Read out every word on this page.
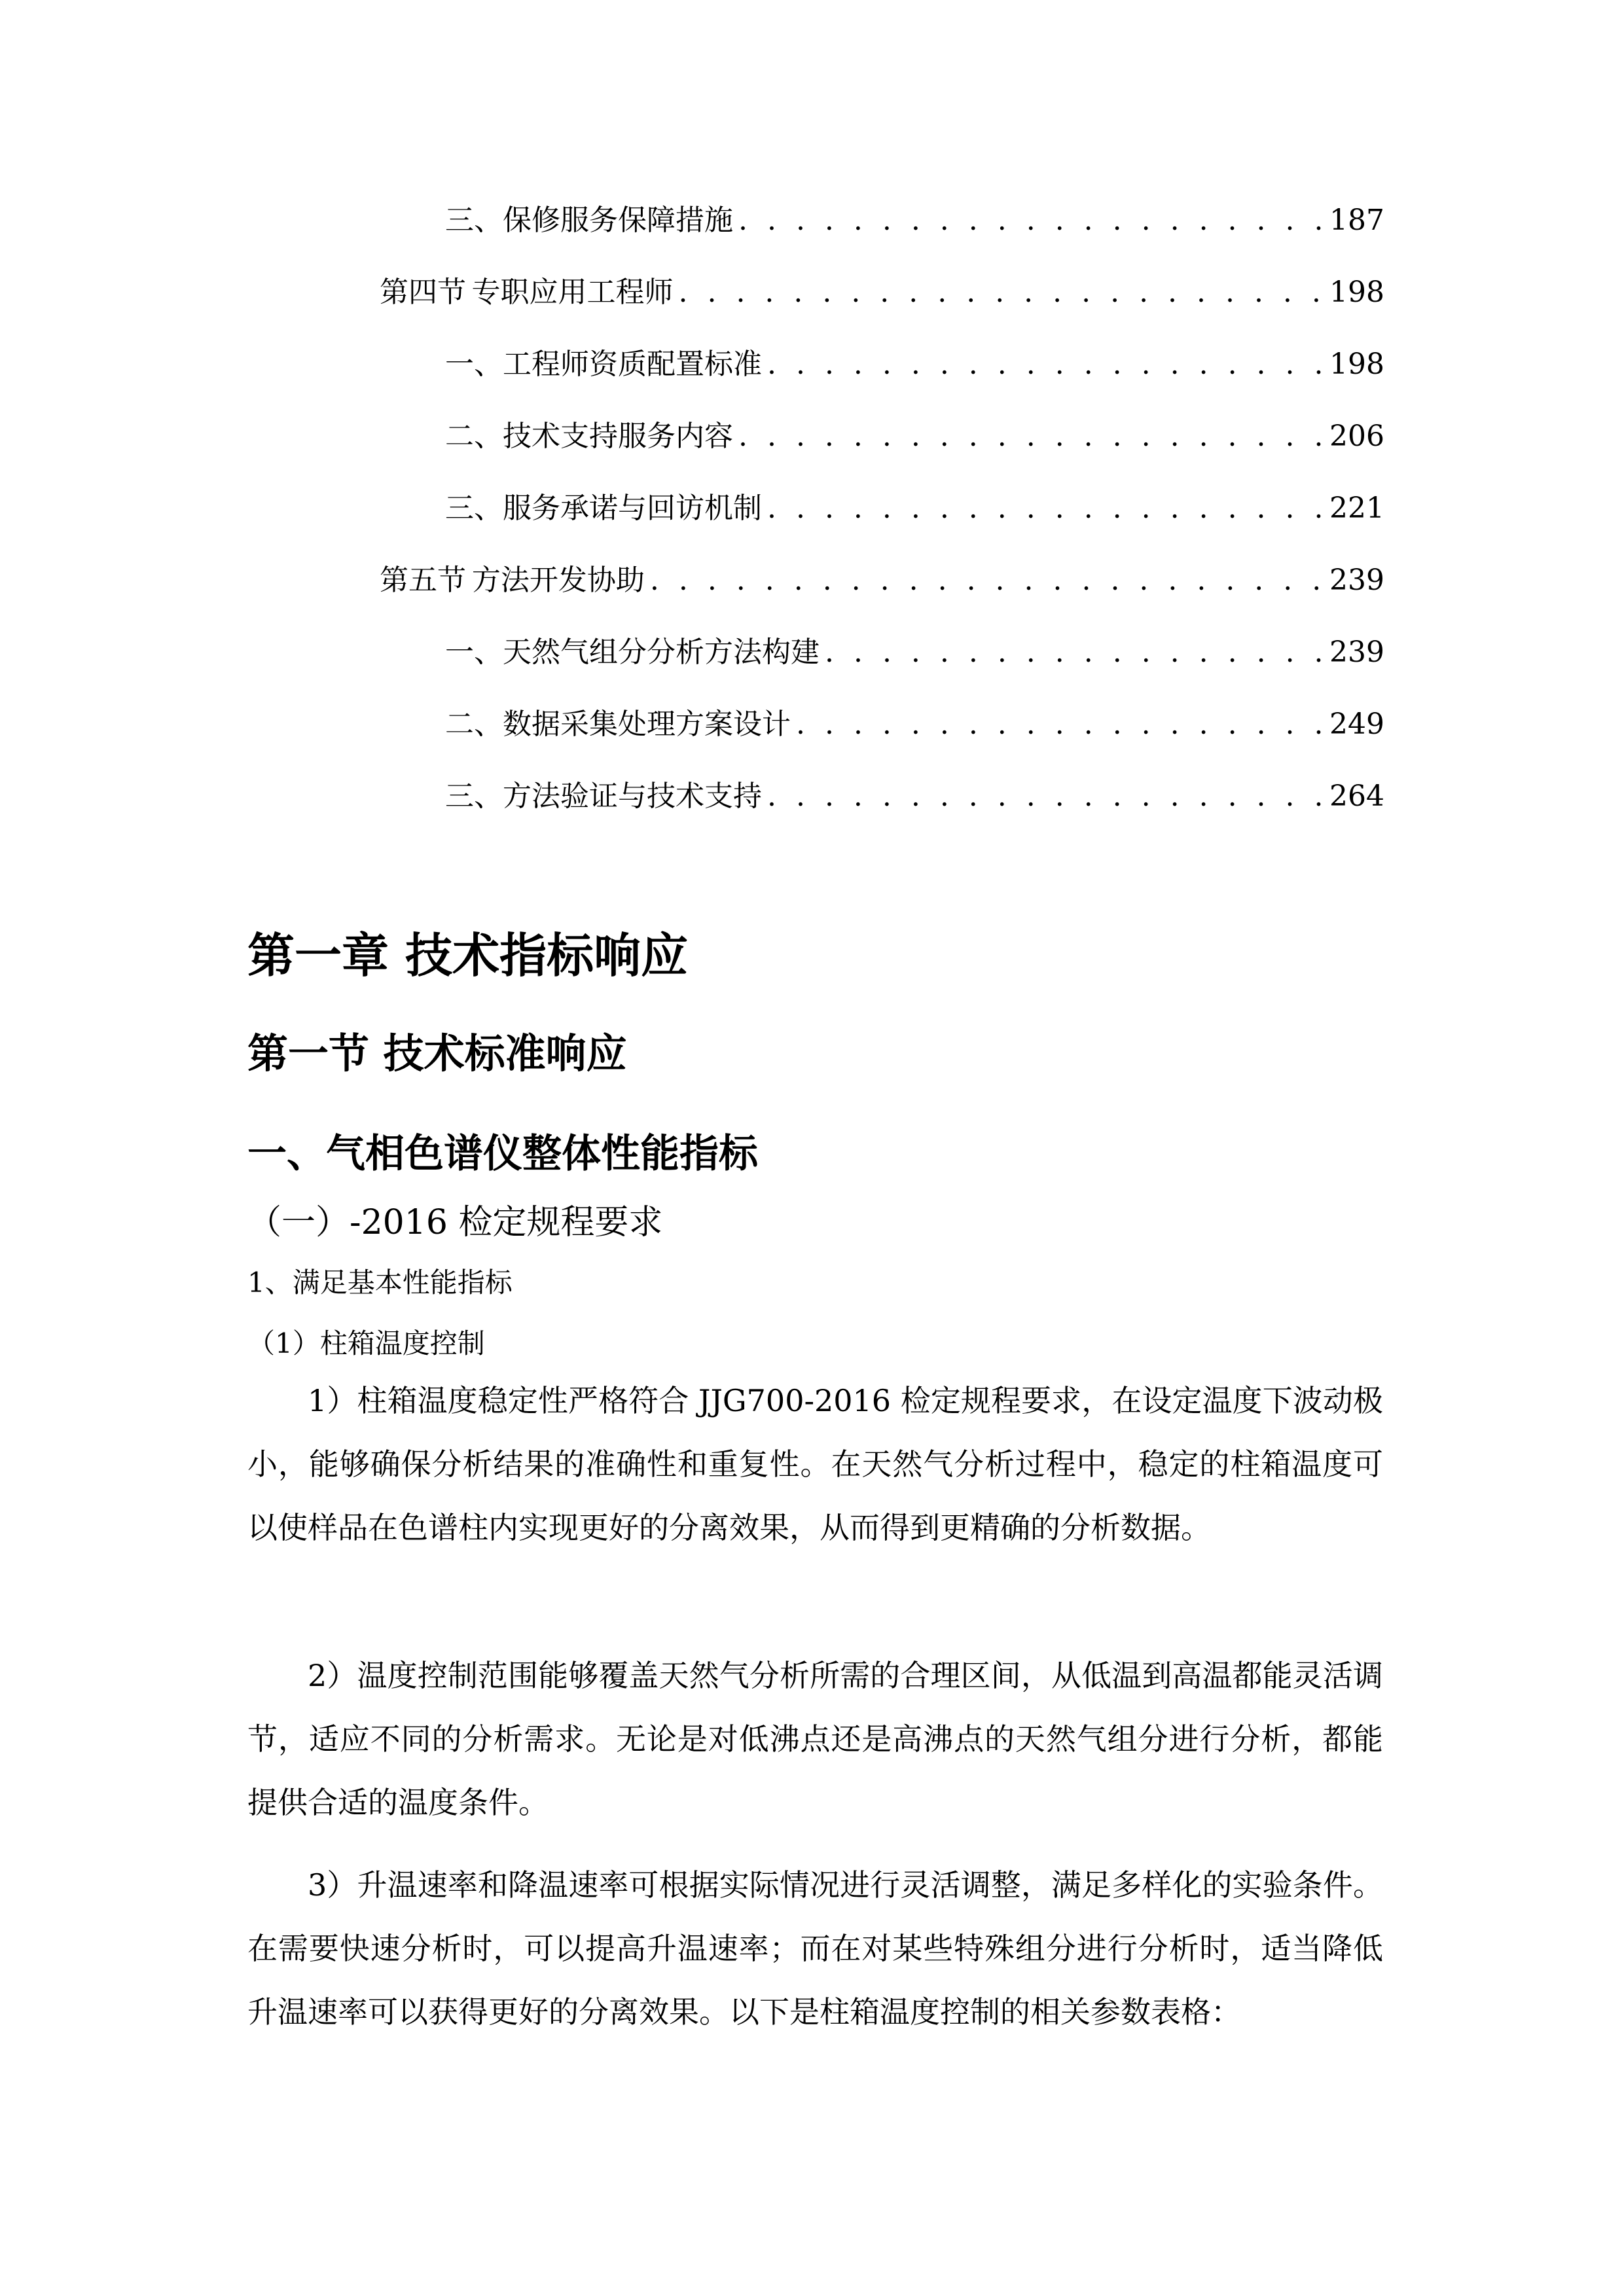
三、 保修服务保障措施 . . .	187
第四节 专职应用工程师 . . .	198
一、 工程师资质配置标准 . . .	198
二、 技术支持服务内容 . . .	206
三、 服务承诺与回访机制 . . .	221
第五节 方法开发协助 . . .	239
一、 天然气组分分析方法构建 . . .	239
二、 数据采集处理方案设计 . . .	249
三、 方法验证与技术支持 . . .	264
第一章 技术指标响应
第一节 技术标准响应
一、气相色谱仪整体性能指标
（一）-2016 检定规程要求
1、满足基本性能指标
（1）柱箱温度控制

1）柱箱温度稳定性严格符合 JJG700-2016 检定规程要求，在设定温度下波动极小，能够确保分析结果的准确性和重复性。在天然气分析过程中，稳定的柱箱温度可以使样品在色谱柱内实现更好的分离效果，从而得到更精确的分析数据。

2）温度控制范围能够覆盖天然气分析所需的合理区间，从低温到高温都能灵活调节，适应不同的分析需求。无论是对低沸点还是高沸点的天然气组分进行分析，都能提供合适的温度条件。

3）升温速率和降温速率可根据实际情况进行灵活调整，满足多样化的实验条件。在需要快速分析时，可以提高升温速率；而在对某些特殊组分进行分析时，适当降低升温速率可以获得更好的分离效果。以下是柱箱温度控制的相关参数表格：
